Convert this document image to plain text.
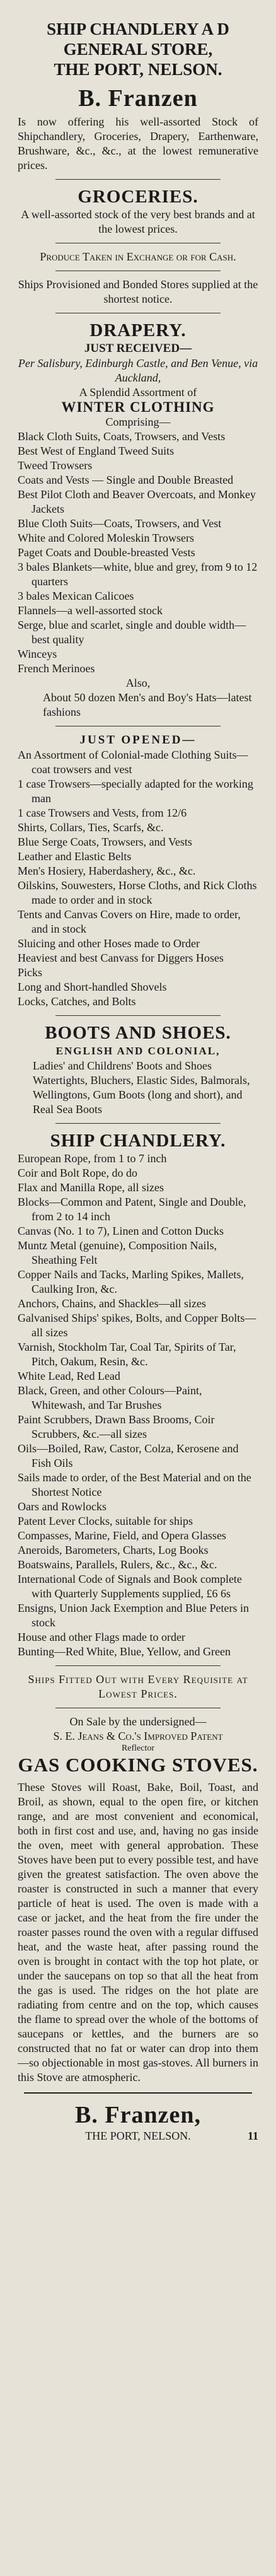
SHIP CHANDLERY A D
GENERAL STORE,
THE PORT, NELSON.
B. Franzen
Is now offering his well-assorted Stock of Shipchandlery, Groceries, Drapery, Earthenware, Brushware, &c., &c., at the lowest remunerative prices.
GROCERIES.
A well-assorted stock of the very best brands and at the lowest prices.
Produce Taken in Exchange or for Cash.
Ships Provisioned and Bonded Stores supplied at the shortest notice.
DRAPERY.
JUST RECEIVED—
Per Salisbury, Edinburgh Castle, and Ben Venue, via Auckland,
A Splendid Assortment of
WINTER CLOTHING
Comprising—
Black Cloth Suits, Coats, Trowsers, and Vests
Best West of England Tweed Suits
Tweed Trowsers
Coats and Vests — Single and Double Breasted
Best Pilot Cloth and Beaver Overcoats, and Monkey Jackets
Blue Cloth Suits—Coats, Trowsers, and Vest
White and Colored Moleskin Trowsers
Paget Coats and Double-breasted Vests
3 bales Blankets—white, blue and grey, from 9 to 12 quarters
3 bales Mexican Calicoes
Flannels—a well-assorted stock
Serge, blue and scarlet, single and double width—best quality
Winceys
French Merinoes
Also,
About 50 dozen Men's and Boy's Hats—latest fashions
JUST OPENED—
An Assortment of Colonial-made Clothing Suits—coat trowsers and vest
1 case Trowsers—specially adapted for the working man
1 case Trowsers and Vests, from 12/6
Shirts, Collars, Ties, Scarfs, &c.
Blue Serge Coats, Trowsers, and Vests
Leather and Elastic Belts
Men's Hosiery, Haberdashery, &c., &c.
Oilskins, Souwesters, Horse Cloths, and Rick Cloths made to order and in stock
Tents and Canvas Covers on Hire, made to order, and in stock
Sluicing and other Hoses made to Order
Heaviest and best Canvass for Diggers Hoses
Picks
Long and Short-handled Shovels
Locks, Catches, and Bolts
BOOTS AND SHOES.
ENGLISH AND COLONIAL,
Ladies' and Childrens' Boots and Shoes Watertights, Bluchers, Elastic Sides, Balmorals, Wellingtons, Gum Boots (long and short), and Real Sea Boots
SHIP CHANDLERY.
European Rope, from 1 to 7 inch
Coir and Bolt Rope, do do
Flax and Manilla Rope, all sizes
Blocks—Common and Patent, Single and Double, from 2 to 14 inch
Canvas (No. 1 to 7), Linen and Cotton Ducks
Muntz Metal (genuine), Composition Nails, Sheathing Felt
Copper Nails and Tacks, Marling Spikes, Mallets, Caulking Iron, &c.
Anchors, Chains, and Shackles—all sizes
Galvanised Ships' spikes, Bolts, and Copper Bolts—all sizes
Varnish, Stockholm Tar, Coal Tar, Spirits of Tar, Pitch, Oakum, Resin, &c.
White Lead, Red Lead
Black, Green, and other Colours—Paint, Whitewash, and Tar Brushes
Paint Scrubbers, Drawn Bass Brooms, Coir Scrubbers, &c.—all sizes
Oils—Boiled, Raw, Castor, Colza, Kerosene and Fish Oils
Sails made to order, of the Best Material and on the Shortest Notice
Oars and Rowlocks
Patent Lever Clocks, suitable for ships
Compasses, Marine, Field, and Opera Glasses
Aneroids, Barometers, Charts, Log Books
Boatswains, Parallels, Rulers, &c., &c., &c.
International Code of Signals and Book complete with Quarterly Supplements supplied, £6 6s
Ensigns, Union Jack Exemption and Blue Peters in stock
House and other Flags made to order
Bunting—Red White, Blue, Yellow, and Green
Ships Fitted Out with Every Requisite at Lowest Prices.
On Sale by the undersigned—
S. E. Jeans & Co.'s Improved Patent
Reflector
GAS COOKING STOVES.
These Stoves will Roast, Bake, Boil, Toast, and Broil, as shown, equal to the open fire, or kitchen range, and are most convenient and economical, both in first cost and use, and, having no gas inside the oven, meet with general approbation. These Stoves have been put to every possible test, and have given the greatest satisfaction. The oven above the roaster is constructed in such a manner that every particle of heat is used. The oven is made with a case or jacket, and the heat from the fire under the roaster passes round the oven with a regular diffused heat, and the waste heat, after passing round the oven is brought in contact with the top hot plate, or under the saucepans on top so that all the heat from the gas is used. The ridges on the hot plate are radiating from centre and on the top, which causes the flame to spread over the whole of the bottoms of saucepans or kettles, and the burners are so constructed that no fat or water can drop into them—so objectionable in most gas-stoves. All burners in this Stove are atmospheric.
B. Franzen,
THE PORT, NELSON.	11
